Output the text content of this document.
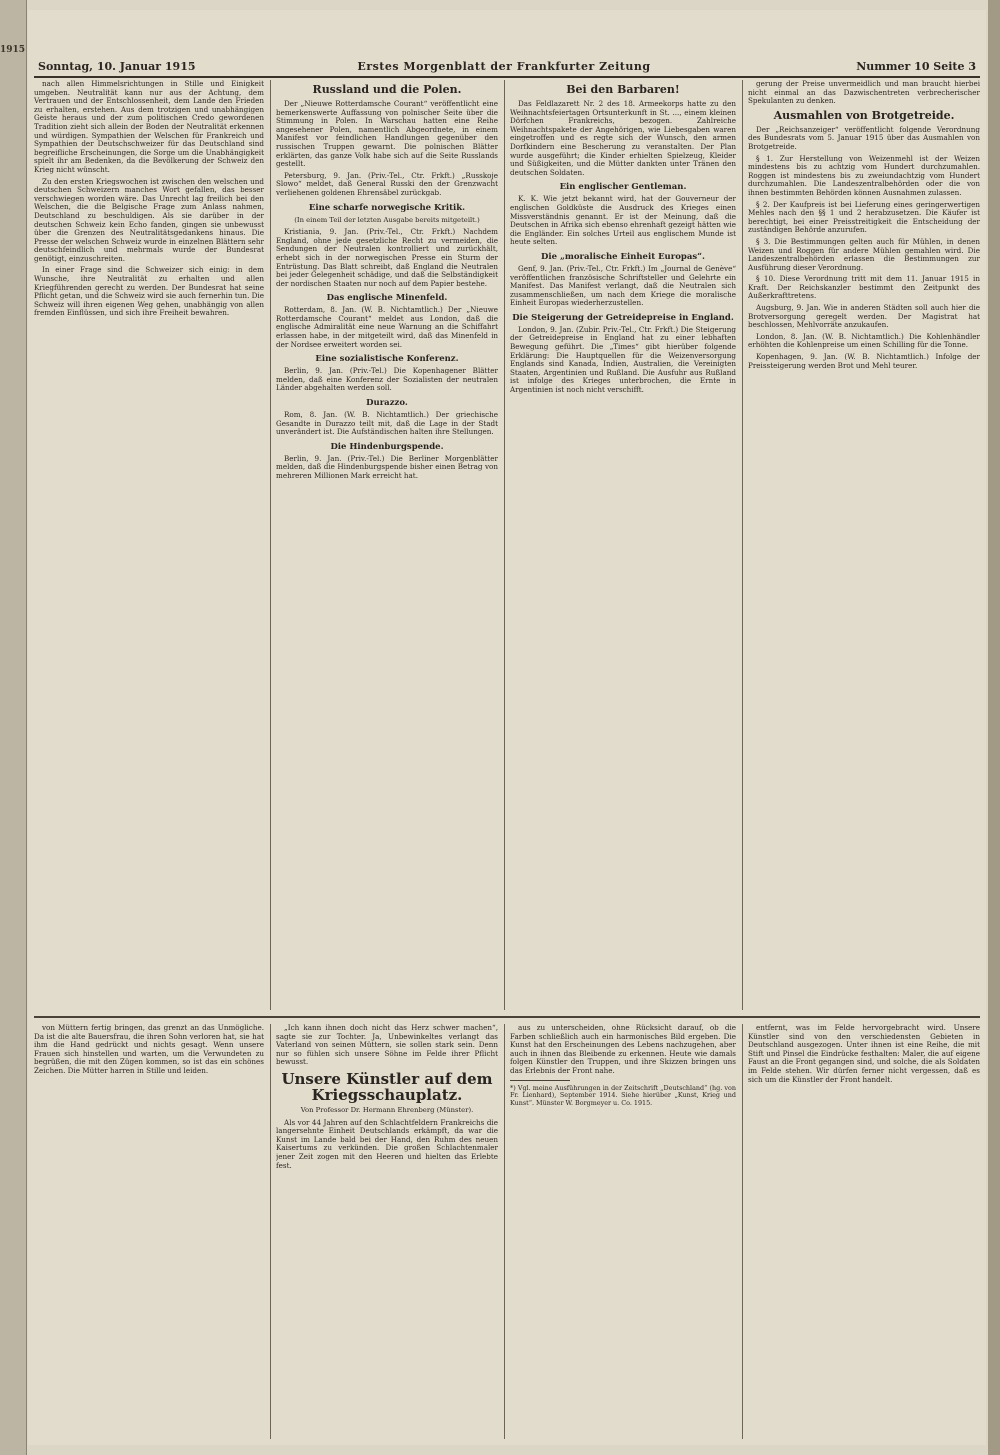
1915
Sonntag, 10. Januar 1915	Erstes Morgenblatt der Frankfurter Zeitung	Nummer 10 Seite 3

nach allen Himmelsrichtungen in Stille und Einigkeit umgeben. Neutralität kann nur aus der Achtung, dem Vertrauen und der Entschlossenheit, dem Lande den Frieden zu erhalten, erstehen. Aus dem trotzigen und unabhängigen Geiste heraus und der zum politischen Credo gewordenen Tradition zieht sich allein der Boden der Neutralität erkennen und würdigen. Sympathien der Welschen für Frankreich und Sympathien der Deutschschweizer für das Deutschland sind begreifliche Erscheinungen, die Sorge um die Unabhängigkeit spielt ihr am Bedenken, da die Bevölkerung der Schweiz den Krieg nicht wünscht.

Zu den ersten Kriegswochen ist zwischen den welschen und deutschen Schweizern manches Wort gefallen, das besser verschwiegen worden wäre. Das Unrecht lag freilich bei den Welschen, die die Belgische Frage zum Anlass nahmen, Deutschland zu beschuldigen. Als sie darüber in der deutschen Schweiz kein Echo fanden, gingen sie unbewusst über die Grenzen des Neutralitätsgedankens hinaus. Die Presse der welschen Schweiz wurde in einzelnen Blättern sehr deutschfeindlich und mehrmals wurde der Bundesrat genötigt, einzuschreiten.

In einer Frage sind die Schweizer sich einig: in dem Wunsche, ihre Neutralität zu erhalten und allen Kriegführenden gerecht zu werden. Der Bundesrat hat seine Pflicht getan, und die Schweiz wird sie auch fernerhin tun. Die Schweiz will ihren eigenen Weg gehen, unabhängig von allen fremden Einflüssen, und sich ihre Freiheit bewahren.

Russland und die Polen.

Der „Nieuwe Rotterdamsche Courant“ veröffentlicht eine bemerkenswerte Auffassung von polnischer Seite über die Stimmung in Polen. In Warschau hatten eine Reihe angesehener Polen, namentlich Abgeordnete, in einem Manifest vor feindlichen Handlungen gegenüber den russischen Truppen gewarnt. Die polnischen Blätter erklärten, das ganze Volk habe sich auf die Seite Russlands gestellt.

Petersburg, 9. Jan. (Priv.-Tel., Ctr. Frkft.) „Russkoje Slowo“ meldet, daß General Russki den der Grenzwacht verliehenen goldenen Ehrensäbel zurückgab.

Eine scharfe norwegische Kritik.
(In einem Teil der letzten Ausgabe bereits mitgeteilt.)

Kristiania, 9. Jan. (Priv.-Tel., Ctr. Frkft.) Nachdem England, ohne jede gesetzliche Recht zu vermeiden, die Sendungen der Neutralen kontrolliert und zurückhält, erhebt sich in der norwegischen Presse ein Sturm der Entrüstung. Das Blatt schreibt, daß England die Neutralen bei jeder Gelegenheit schädige, und daß die Selbständigkeit der nordischen Staaten nur noch auf dem Papier bestehe.

Das englische Minenfeld.

Rotterdam, 8. Jan. (W. B. Nichtamtlich.) Der „Nieuwe Rotterdamsche Courant“ meldet aus London, daß die englische Admiralität eine neue Warnung an die Schiffahrt erlassen habe, in der mitgeteilt wird, daß das Minenfeld in der Nordsee erweitert worden sei.

Eine sozialistische Konferenz.

Berlin, 9. Jan. (Priv.-Tel.) Die Kopenhagener Blätter melden, daß eine Konferenz der Sozialisten der neutralen Länder abgehalten werden soll.

Durazzo.

Rom, 8. Jan. (W. B. Nichtamtlich.) Der griechische Gesandte in Durazzo teilt mit, daß die Lage in der Stadt unverändert ist. Die Aufständischen halten ihre Stellungen.

Die Hindenburgspende.

Berlin, 9. Jan. (Priv.-Tel.) Die Berliner Morgenblätter melden, daß die Hindenburgspende bisher einen Betrag von mehreren Millionen Mark erreicht hat.

Bei den Barbaren!

Das Feldlazarett Nr. 2 des 18. Armeekorps hatte zu den Weihnachtsfeiertagen Ortsunterkunft in St. ..., einem kleinen Dörfchen Frankreichs, bezogen. Zahlreiche Weihnachtspakete der Angehörigen, wie Liebesgaben waren eingetroffen und es regte sich der Wunsch, den armen Dorfkindern eine Bescherung zu veranstalten. Der Plan wurde ausgeführt; die Kinder erhielten Spielzeug, Kleider und Süßigkeiten, und die Mütter dankten unter Tränen den deutschen Soldaten.

Ein englischer Gentleman.

K. K. Wie jetzt bekannt wird, hat der Gouverneur der englischen Goldküste die Ausdruck des Krieges einen Missverständnis genannt. Er ist der Meinung, daß die Deutschen in Afrika sich ebenso ehrenhaft gezeigt hätten wie die Engländer. Ein solches Urteil aus englischem Munde ist heute selten.

Die „moralische Einheit Europas“.

Genf, 9. Jan. (Priv.-Tel., Ctr. Frkft.) Im „Journal de Genève“ veröffentlichen französische Schriftsteller und Gelehrte ein Manifest. Das Manifest verlangt, daß die Neutralen sich zusammenschließen, um nach dem Kriege die moralische Einheit Europas wiederherzustellen.

Die Steigerung der Getreidepreise in England.

London, 9. Jan. (Zubir. Priv.-Tel., Ctr. Frkft.) Die Steigerung der Getreidepreise in England hat zu einer lebhaften Bewegung geführt. Die „Times“ gibt hierüber folgende Erklärung: Die Hauptquellen für die Weizenversorgung Englands sind Kanada, Indien, Australien, die Vereinigten Staaten, Argentinien und Rußland. Die Ausfuhr aus Rußland ist infolge des Krieges unterbrochen, die Ernte in Argentinien ist noch nicht verschifft.

gerung der Preise unvermeidlich und man braucht hierbei nicht einmal an das Dazwischentreten verbrecherischer Spekulanten zu denken.

Ausmahlen von Brotgetreide.

Der „Reichsanzeiger“ veröffentlicht folgende Verordnung des Bundesrats vom 5. Januar 1915 über das Ausmahlen von Brotgetreide.

§ 1. Zur Herstellung von Weizenmehl ist der Weizen mindestens bis zu achtzig vom Hundert durchzumahlen. Roggen ist mindestens bis zu zweiundachtzig vom Hundert durchzumahlen. Die Landeszentralbehörden oder die von ihnen bestimmten Behörden können Ausnahmen zulassen.

§ 2. Der Kaufpreis ist bei Lieferung eines geringerwertigen Mehles nach den §§ 1 und 2 herabzusetzen. Die Käufer ist berechtigt, bei einer Preisstreitigkeit die Entscheidung der zuständigen Behörde anzurufen.

§ 3. Die Bestimmungen gelten auch für Mühlen, in denen Weizen und Roggen für andere Mühlen gemahlen wird. Die Landeszentralbehörden erlassen die Bestimmungen zur Ausführung dieser Verordnung.

§ 10. Diese Verordnung tritt mit dem 11. Januar 1915 in Kraft. Der Reichskanzler bestimmt den Zeitpunkt des Außerkrafttretens.

Augsburg, 9. Jan. Wie in anderen Städten soll auch hier die Brotversorgung geregelt werden. Der Magistrat hat beschlossen, Mehlvorräte anzukaufen.

London, 8. Jan. (W. B. Nichtamtlich.) Die Kohlenhändler erhöhten die Kohlenpreise um einen Schilling für die Tonne.

Kopenhagen, 9. Jan. (W. B. Nichtamtlich.) Infolge der Preissteigerung werden Brot und Mehl teurer.

von Müttern fertig bringen, das grenzt an das Unmögliche. Da ist die alte Bauersfrau, die ihren Sohn verloren hat, sie hat ihm die Hand gedrückt und nichts gesagt. Wenn unsere Frauen sich hinstellen und warten, um die Verwundeten zu begrüßen, die mit den Zügen kommen, so ist das ein schönes Zeichen. Die Mütter harren in Stille und leiden.

„Ich kann ihnen doch nicht das Herz schwer machen“, sagte sie zur Tochter. Ja, Unbewinkeltes verlangt das Vaterland von seinen Müttern, sie sollen stark sein. Denn nur so fühlen sich unsere Söhne im Felde ihrer Pflicht bewusst.

Unsere Künstler auf dem Kriegsschauplatz.
Von Professor Dr. Hermann Ehrenberg (Münster).

Als vor 44 Jahren auf den Schlachtfeldern Frankreichs die langersehnte Einheit Deutschlands erkämpft, da war die Kunst im Lande bald bei der Hand, den Ruhm des neuen Kaisertums zu verkünden. Die großen Schlachtenmaler jener Zeit zogen mit den Heeren und hielten das Erlebte fest.

aus zu unterscheiden, ohne Rücksicht darauf, ob die Farben schließlich auch ein harmonisches Bild ergeben. Die Kunst hat den Erscheinungen des Lebens nachzugehen, aber auch in ihnen das Bleibende zu erkennen. Heute wie damals folgen Künstler den Truppen, und ihre Skizzen bringen uns das Erlebnis der Front nahe.

*) Vgl. meine Ausführungen in der Zeitschrift „Deutschland“ (hg. von Fr. Lienhard), September 1914. Siehe hierüber „Kunst, Krieg und Kunst“. Münster W. Borgmeyer u. Co. 1915.

entfernt, was im Felde hervorgebracht wird. Unsere Künstler sind von den verschiedensten Gebieten in Deutschland ausgezogen. Unter ihnen ist eine Reihe, die mit Stift und Pinsel die Eindrücke festhalten: Maler, die auf eigene Faust an die Front gegangen sind, und solche, die als Soldaten im Felde stehen. Wir dürfen ferner nicht vergessen, daß es sich um die Künstler der Front handelt.
